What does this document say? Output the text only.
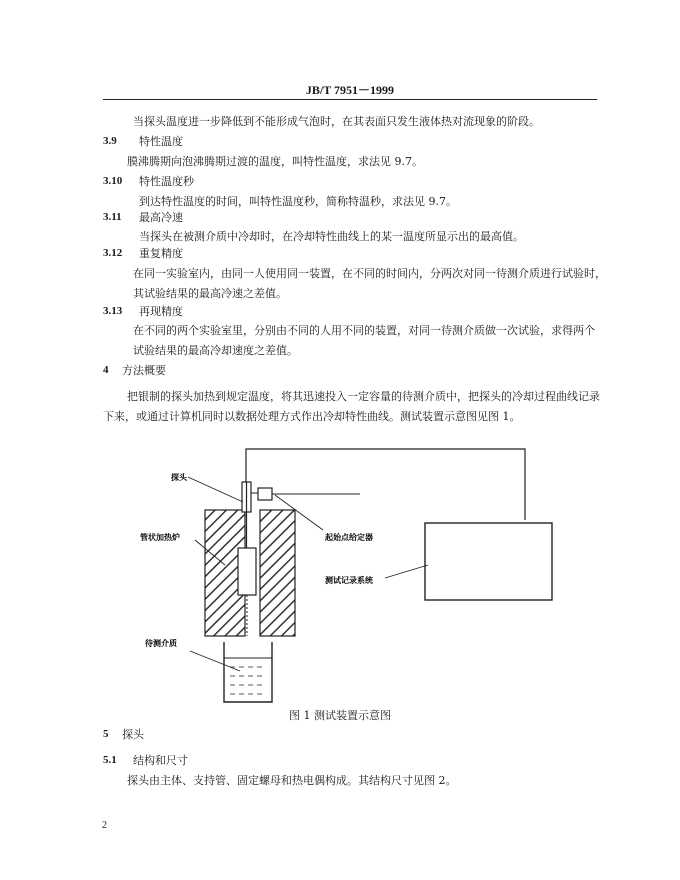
JB/T 7951－1999
当探头温度进一步降低到不能形成气泡时，在其表面只发生液体热对流现象的阶段。
3.9 特性温度
膜沸腾期向泡沸腾期过渡的温度，叫特性温度，求法见 9.7。
3.10 特性温度秒
到达特性温度的时间，叫特性温度秒，简称特温秒，求法见 9.7。
3.11 最高冷速
当探头在被测介质中冷却时，在冷却特性曲线上的某一温度所显示出的最高值。
3.12 重复精度
在同一实验室内，由同一人使用同一装置，在不同的时间内，分两次对同一待测介质进行试验时，
其试验结果的最高冷速之差值。
3.13 再现精度
在不同的两个实验室里，分别由不同的人用不同的装置，对同一待测介质做一次试验，求得两个
试验结果的最高冷却速度之差值。
4 方法概要
把银制的探头加热到规定温度，将其迅速投入一定容量的待测介质中，把探头的冷却过程曲线记录
下来，或通过计算机同时以数据处理方式作出冷却特性曲线。测试装置示意图见图 1。
探头
管状加热炉
待测介质
起始点给定器
测试记录系统
图 1 测试装置示意图
5 探头
5.1 结构和尺寸
探头由主体、支持管、固定螺母和热电偶构成。其结构尺寸见图 2。
2
